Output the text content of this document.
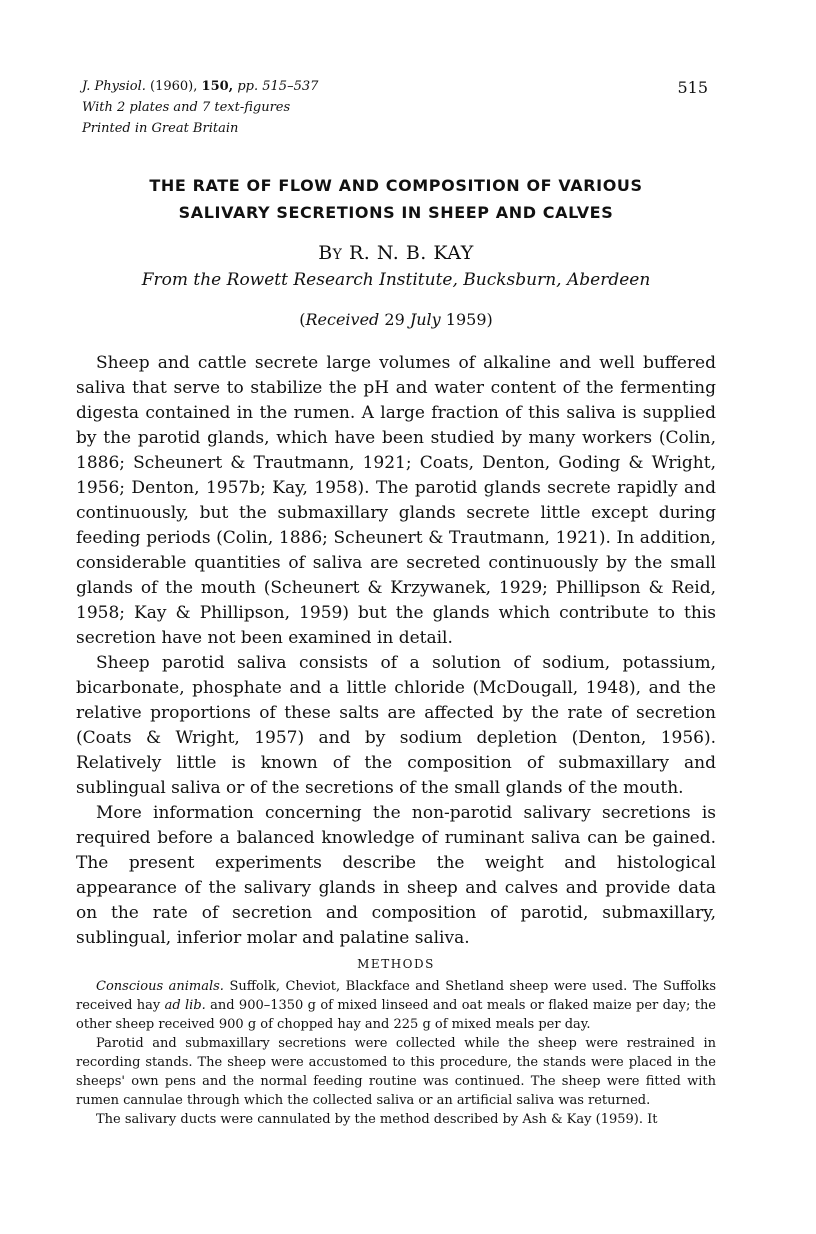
J. Physiol. (1960), 150, pp. 515–537
With 2 plates and 7 text-figures
Printed in Great Britain
515
THE RATE OF FLOW AND COMPOSITION OF VARIOUS
SALIVARY SECRETIONS IN SHEEP AND CALVES
BY R. N. B. KAY
From the Rowett Research Institute, Bucksburn, Aberdeen
(Received 29 July 1959)

Sheep and cattle secrete large volumes of alkaline and well buffered saliva that serve to stabilize the pH and water content of the fermenting digesta contained in the rumen. A large fraction of this saliva is supplied by the parotid glands, which have been studied by many workers (Colin, 1886; Scheunert & Trautmann, 1921; Coats, Denton, Goding & Wright, 1956; Denton, 1957b; Kay, 1958). The parotid glands secrete rapidly and continuously, but the submaxillary glands secrete little except during feeding periods (Colin, 1886; Scheunert & Trautmann, 1921). In addition, considerable quantities of saliva are secreted continuously by the small glands of the mouth (Scheunert & Krzywanek, 1929; Phillipson & Reid, 1958; Kay & Phillipson, 1959) but the glands which contribute to this secretion have not been examined in detail.

Sheep parotid saliva consists of a solution of sodium, potassium, bicarbonate, phosphate and a little chloride (McDougall, 1948), and the relative proportions of these salts are affected by the rate of secretion (Coats & Wright, 1957) and by sodium depletion (Denton, 1956). Relatively little is known of the composition of submaxillary and sublingual saliva or of the secretions of the small glands of the mouth.

More information concerning the non-parotid salivary secretions is required before a balanced knowledge of ruminant saliva can be gained. The present experiments describe the weight and histological appearance of the salivary glands in sheep and calves and provide data on the rate of secretion and composition of parotid, submaxillary, sublingual, inferior molar and palatine saliva.

METHODS

Conscious animals. Suffolk, Cheviot, Blackface and Shetland sheep were used. The Suffolks received hay ad lib. and 900–1350 g of mixed linseed and oat meals or flaked maize per day; the other sheep received 900 g of chopped hay and 225 g of mixed meals per day.

Parotid and submaxillary secretions were collected while the sheep were restrained in recording stands. The sheep were accustomed to this procedure, the stands were placed in the sheeps' own pens and the normal feeding routine was continued. The sheep were fitted with rumen cannulae through which the collected saliva or an artificial saliva was returned.

The salivary ducts were cannulated by the method described by Ash & Kay (1959). It
